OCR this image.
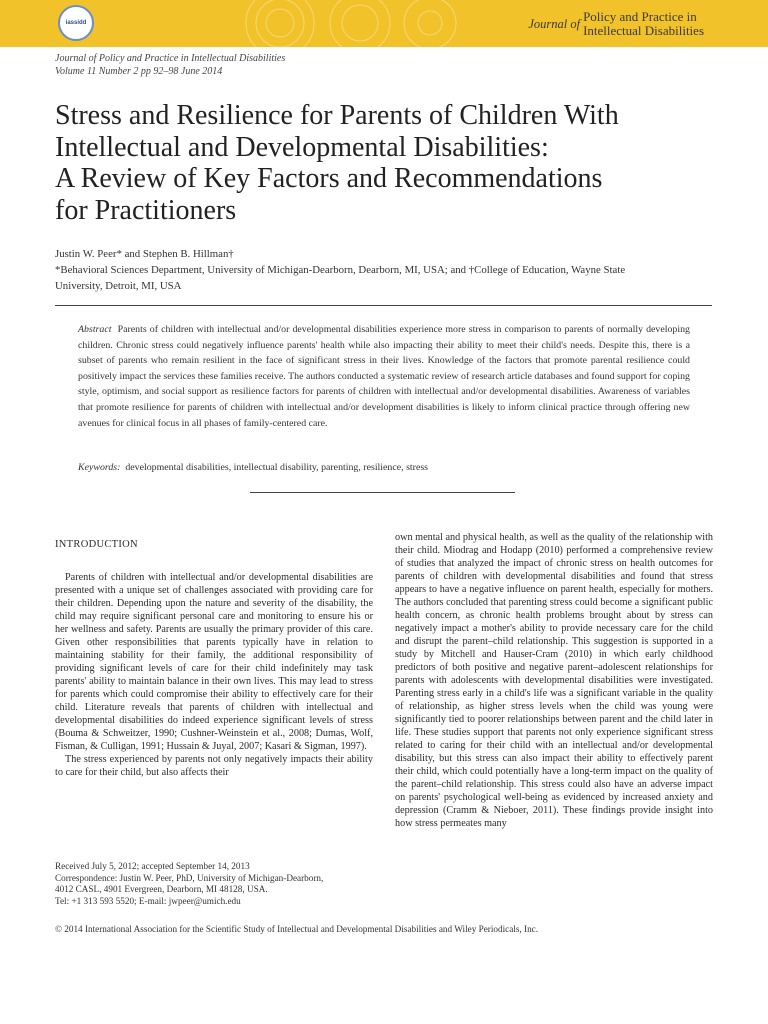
iassidd	Journal of Policy and Practice in
Intellectual Disabilities
Journal of Policy and Practice in Intellectual Disabilities
Volume 11 Number 2 pp 92–98 June 2014
Stress and Resilience for Parents of Children With
Intellectual and Developmental Disabilities:
A Review of Key Factors and Recommendations
for Practitioners
Justin W. Peer* and Stephen B. Hillman†
*Behavioral Sciences Department, University of Michigan-Dearborn, Dearborn, MI, USA; and †College of Education, Wayne State
University, Detroit, MI, USA
Abstract Parents of children with intellectual and/or developmental disabilities experience more stress in comparison to parents of normally developing children. Chronic stress could negatively influence parents' health while also impacting their ability to meet their child's needs. Despite this, there is a subset of parents who remain resilient in the face of significant stress in their lives. Knowledge of the factors that promote parental resilience could positively impact the services these families receive. The authors conducted a systematic review of research article databases and found support for coping style, optimism, and social support as resilience factors for parents of children with intellectual and/or developmental disabilities. Awareness of variables that promote resilience for parents of children with intellectual and/or development disabilities is likely to inform clinical practice through offering new avenues for clinical focus in all phases of family-centered care.
Keywords: developmental disabilities, intellectual disability, parenting, resilience, stress
INTRODUCTION

Parents of children with intellectual and/or developmental disabilities are presented with a unique set of challenges associated with providing care for their children. Depending upon the nature and severity of the disability, the child may require significant personal care and monitoring to ensure his or her wellness and safety. Parents are usually the primary provider of this care. Given other responsibilities that parents typically have in relation to maintaining stability for their family, the additional responsibility of providing significant levels of care for their child indefinitely may task parents' ability to maintain balance in their own lives. This may lead to stress for parents which could compromise their ability to effectively care for their child. Literature reveals that parents of children with intellectual and developmental disabilities do indeed experience significant levels of stress (Bouma & Schweitzer, 1990; Cushner-Weinstein et al., 2008; Dumas, Wolf, Fisman, & Culligan, 1991; Hussain & Juyal, 2007; Kasari & Sigman, 1997).

The stress experienced by parents not only negatively impacts their ability to care for their child, but also affects their

own mental and physical health, as well as the quality of the relationship with their child. Miodrag and Hodapp (2010) performed a comprehensive review of studies that analyzed the impact of chronic stress on health outcomes for parents of children with developmental disabilities and found that stress appears to have a negative influence on parent health, especially for mothers. The authors concluded that parenting stress could become a significant public health concern, as chronic health problems brought about by stress can negatively impact a mother's ability to provide necessary care for the child and disrupt the parent–child relationship. This suggestion is supported in a study by Mitchell and Hauser-Cram (2010) in which early childhood predictors of both positive and negative parent–adolescent relationships for parents with adolescents with developmental disabilities were investigated. Parenting stress early in a child's life was a significant variable in the quality of relationship, as higher stress levels when the child was young were significantly tied to poorer relationships between parent and the child later in life. These studies support that parents not only experience significant stress related to caring for their child with an intellectual and/or developmental disability, but this stress can also impact their ability to effectively parent their child, which could potentially have a long-term impact on the quality of the parent–child relationship. This stress could also have an adverse impact on parents' psychological well-being as evidenced by increased anxiety and depression (Cramm & Nieboer, 2011). These findings provide insight into how stress permeates many

Received July 5, 2012; accepted September 14, 2013
Correspondence: Justin W. Peer, PhD, University of Michigan-Dearborn,
4012 CASL, 4901 Evergreen, Dearborn, MI 48128, USA.
Tel: +1 313 593 5520; E-mail: jwpeer@umich.edu
© 2014 International Association for the Scientific Study of Intellectual and Developmental Disabilities and Wiley Periodicals, Inc.
